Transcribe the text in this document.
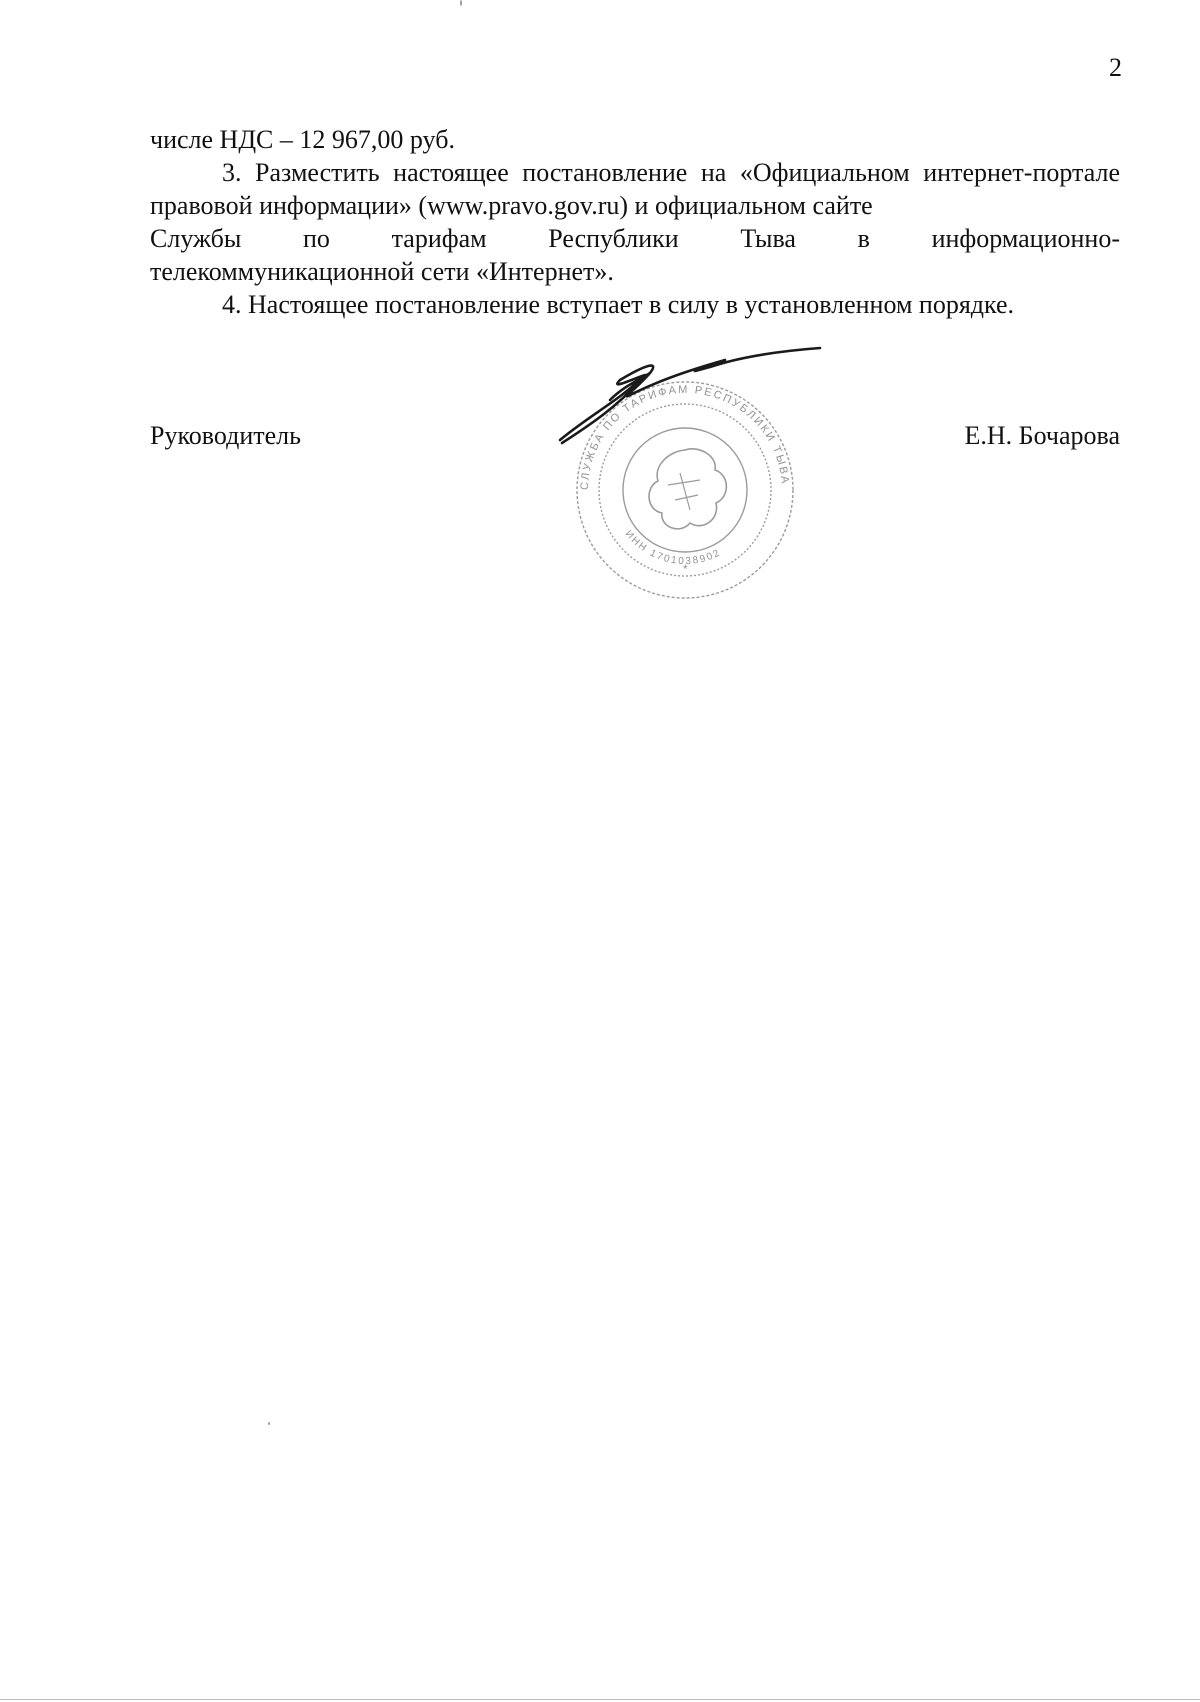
2

числе НДС – 12 967,00 руб.

3. Разместить настоящее постановление на «Официальном интернет-портале правовой информации» (www.pravo.gov.ru) и официальном сайте

Службы по тарифам Республики Тыва в информационно-

телекоммуникационной сети «Интернет».

4. Настоящее постановление вступает в силу в установленном порядке.

СЛУЖБА ПО ТАРИФАМ РЕСПУБЛИКИ ТЫВА
ИНН 1701038902
*
Руководитель	Е.Н. Бочарова
